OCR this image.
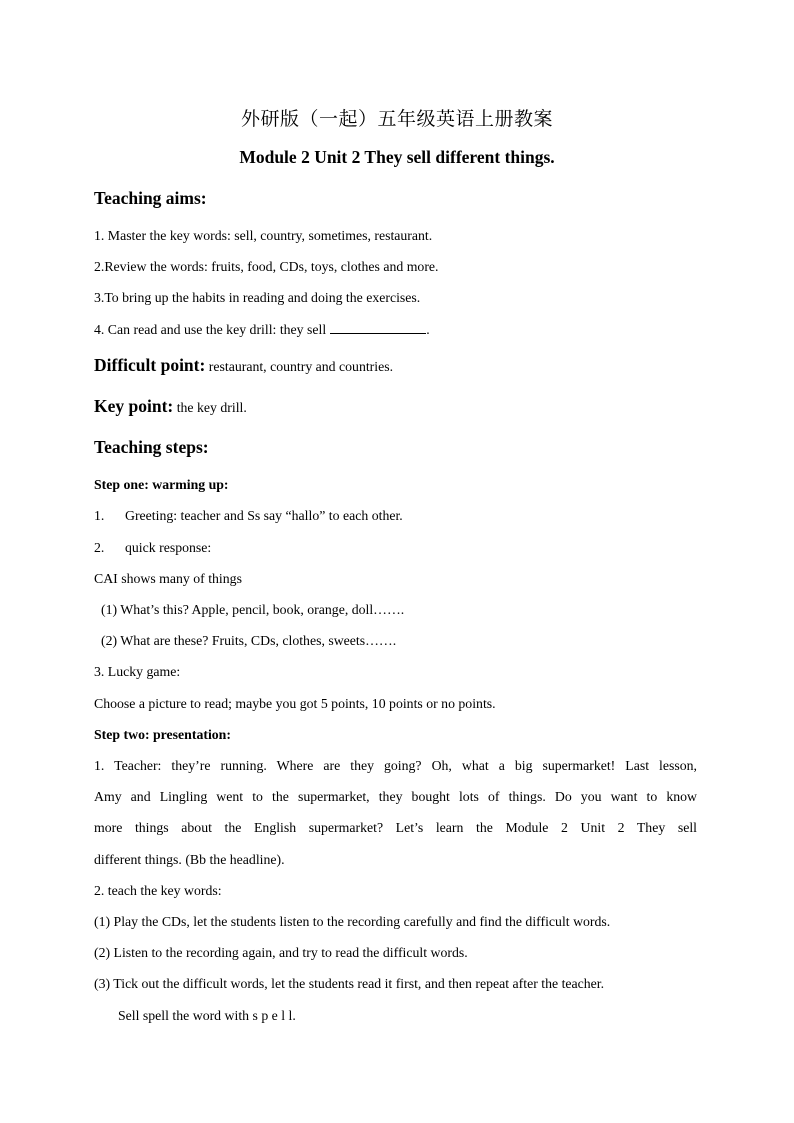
外研版（一起）五年级英语上册教案
Module 2 Unit 2 They sell different things.
Teaching aims:
1. Master the key words: sell, country, sometimes, restaurant.
2.Review the words: fruits, food, CDs, toys, clothes and more.
3.To bring up the habits in reading and doing the exercises.
4. Can read and use the key drill: they sell	.
Difficult point: restaurant, country and countries.
Key point: the key drill.
Teaching steps:
Step one: warming up:
1. Greeting: teacher and Ss say “hallo” to each other.
2. quick response:
CAI shows many of things
(1) What’s this? Apple, pencil, book, orange, doll…….
(2) What are these? Fruits, CDs, clothes, sweets…….
3. Lucky game:
Choose a picture to read; maybe you got 5 points, 10 points or no points.
Step two: presentation:
1. Teacher: they’re running. Where are they going? Oh, what a big supermarket! Last lesson,
Amy and Lingling went to the supermarket, they bought lots of things. Do you want to know
more things about the English supermarket? Let’s learn the Module 2 Unit 2 They sell
different things. (Bb the headline).
2. teach the key words:
(1) Play the CDs, let the students listen to the recording carefully and find the difficult words.
(2) Listen to the recording again, and try to read the difficult words.
(3) Tick out the difficult words, let the students read it first, and then repeat after the teacher.
Sell spell the word with s p e l l.
